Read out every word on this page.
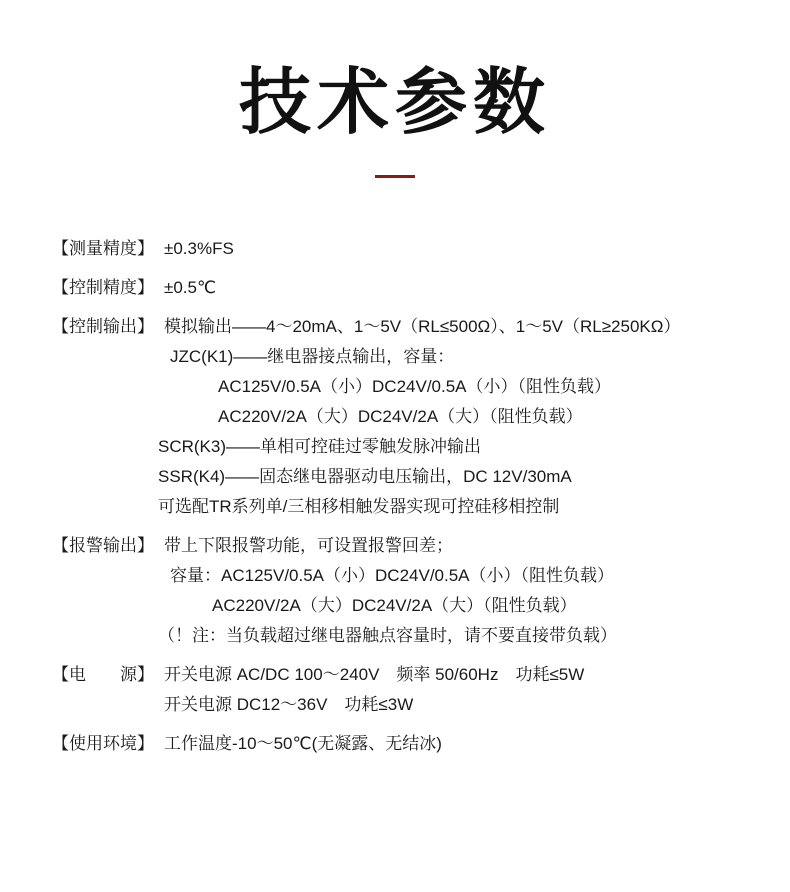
技术参数
【测量精度】 ±0.3%FS
【控制精度】 ±0.5℃
【控制输出】 模拟输出——4～20mA、1～5V（RL≤500Ω）、1～5V（RL≥250KΩ）
JZC(K1)——继电器接点输出，容量：
AC125V/0.5A（小）DC24V/0.5A（小）（阻性负载）
AC220V/2A（大）DC24V/2A（大）（阻性负载）
SCR(K3)——单相可控硅过零触发脉冲输出
SSR(K4)——固态继电器驱动电压输出，DC 12V/30mA
可选配TR系列单/三相移相触发器实现可控硅移相控制
【报警输出】 带上下限报警功能，可设置报警回差；
容量：AC125V/0.5A（小）DC24V/0.5A（小）（阻性负载）
AC220V/2A（大）DC24V/2A（大）（阻性负载）
（！注：当负载超过继电器触点容量时，请不要直接带负载）
【电　　源】 开关电源 AC/DC 100～240V　频率 50/60Hz　功耗≤5W
开关电源 DC12～36V　功耗≤3W
【使用环境】 工作温度-10～50℃(无凝露、无结冰)
